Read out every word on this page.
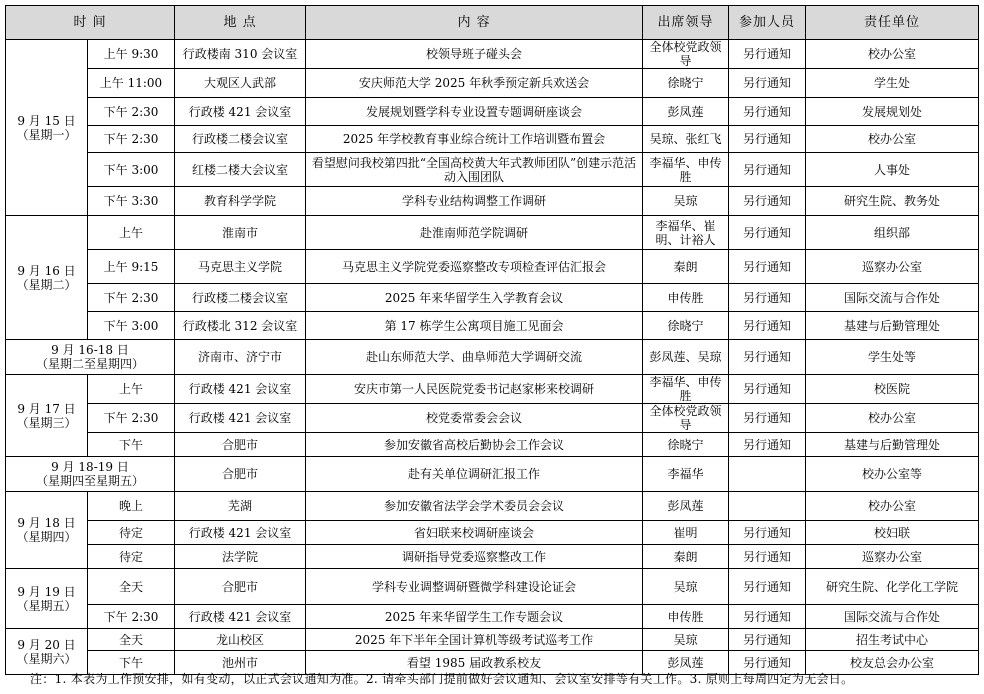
时 间		地 点	内 容	出席领导	参加人员	责任单位

9 月 15 日
（星期一）	上午 9:30	行政楼南 310 会议室	校领导班子碰头会	全体校党政领导	另行通知	校办公室
	上午 11:00	大观区人武部	安庆师范大学 2025 年秋季预定新兵欢送会	徐晓宁	另行通知	学生处
	下午 2:30	行政楼 421 会议室	发展规划暨学科专业设置专题调研座谈会	彭凤莲	另行通知	发展规划处
	下午 2:30	行政楼二楼会议室	2025 年学校教育事业综合统计工作培训暨布置会	吴琼、张红飞	另行通知	校办公室
	下午 3:00	红楼二楼大会议室	看望慰问我校第四批“全国高校黄大年式教师团队”创建示范活动入围团队	李福华、申传胜	另行通知	人事处
	下午 3:30	教育科学学院	学科专业结构调整工作调研	吴琼	另行通知	研究生院、教务处

9 月 16 日
（星期二）	上午	淮南市	赴淮南师范学院调研	李福华、崔明、计裕人	另行通知	组织部
	上午 9:15	马克思主义学院	马克思主义学院党委巡察整改专项检查评估汇报会	秦朗	另行通知	巡察办公室
	下午 2:30	行政楼二楼会议室	2025 年来华留学生入学教育会议	申传胜	另行通知	国际交流与合作处
	下午 3:00	行政楼北 312 会议室	第 17 栋学生公寓项目施工见面会	徐晓宁	另行通知	基建与后勤管理处

9 月 16-18 日
（星期二至星期四）		济南市、济宁市	赴山东师范大学、曲阜师范大学调研交流	彭凤莲、吴琼	另行通知	学生处等

9 月 17 日
（星期三）	上午	行政楼 421 会议室	安庆市第一人民医院党委书记赵家彬来校调研	李福华、申传胜	另行通知	校医院
	下午 2:30	行政楼 421 会议室	校党委常委会会议	全体校党政领导	另行通知	校办公室
	下午	合肥市	参加安徽省高校后勤协会工作会议	徐晓宁	另行通知	基建与后勤管理处

9 月 18-19 日
（星期四至星期五）		合肥市	赴有关单位调研汇报工作	李福华		校办公室等

9 月 18 日
（星期四）	晚上	芜湖	参加安徽省法学会学术委员会会议	彭凤莲		校办公室
	待定	行政楼 421 会议室	省妇联来校调研座谈会	崔明	另行通知	校妇联
	待定	法学院	调研指导党委巡察整改工作	秦朗	另行通知	巡察办公室

9 月 19 日
（星期五）	全天	合肥市	学科专业调整调研暨微学科建设论证会	吴琼	另行通知	研究生院、化学化工学院
	下午 2:30	行政楼 421 会议室	2025 年来华留学生工作专题会议	申传胜	另行通知	国际交流与合作处

9 月 20 日
（星期六）	全天	龙山校区	2025 年下半年全国计算机等级考试巡考工作	吴琼	另行通知	招生考试中心
	下午	池州市	看望 1985 届政教系校友	彭凤莲	另行通知	校友总会办公室
注：1. 本表为工作预安排，如有变动，以正式会议通知为准。2. 请牵头部门提前做好会议通知、会议室安排等有关工作。3. 原则上每周四定为无会日。
